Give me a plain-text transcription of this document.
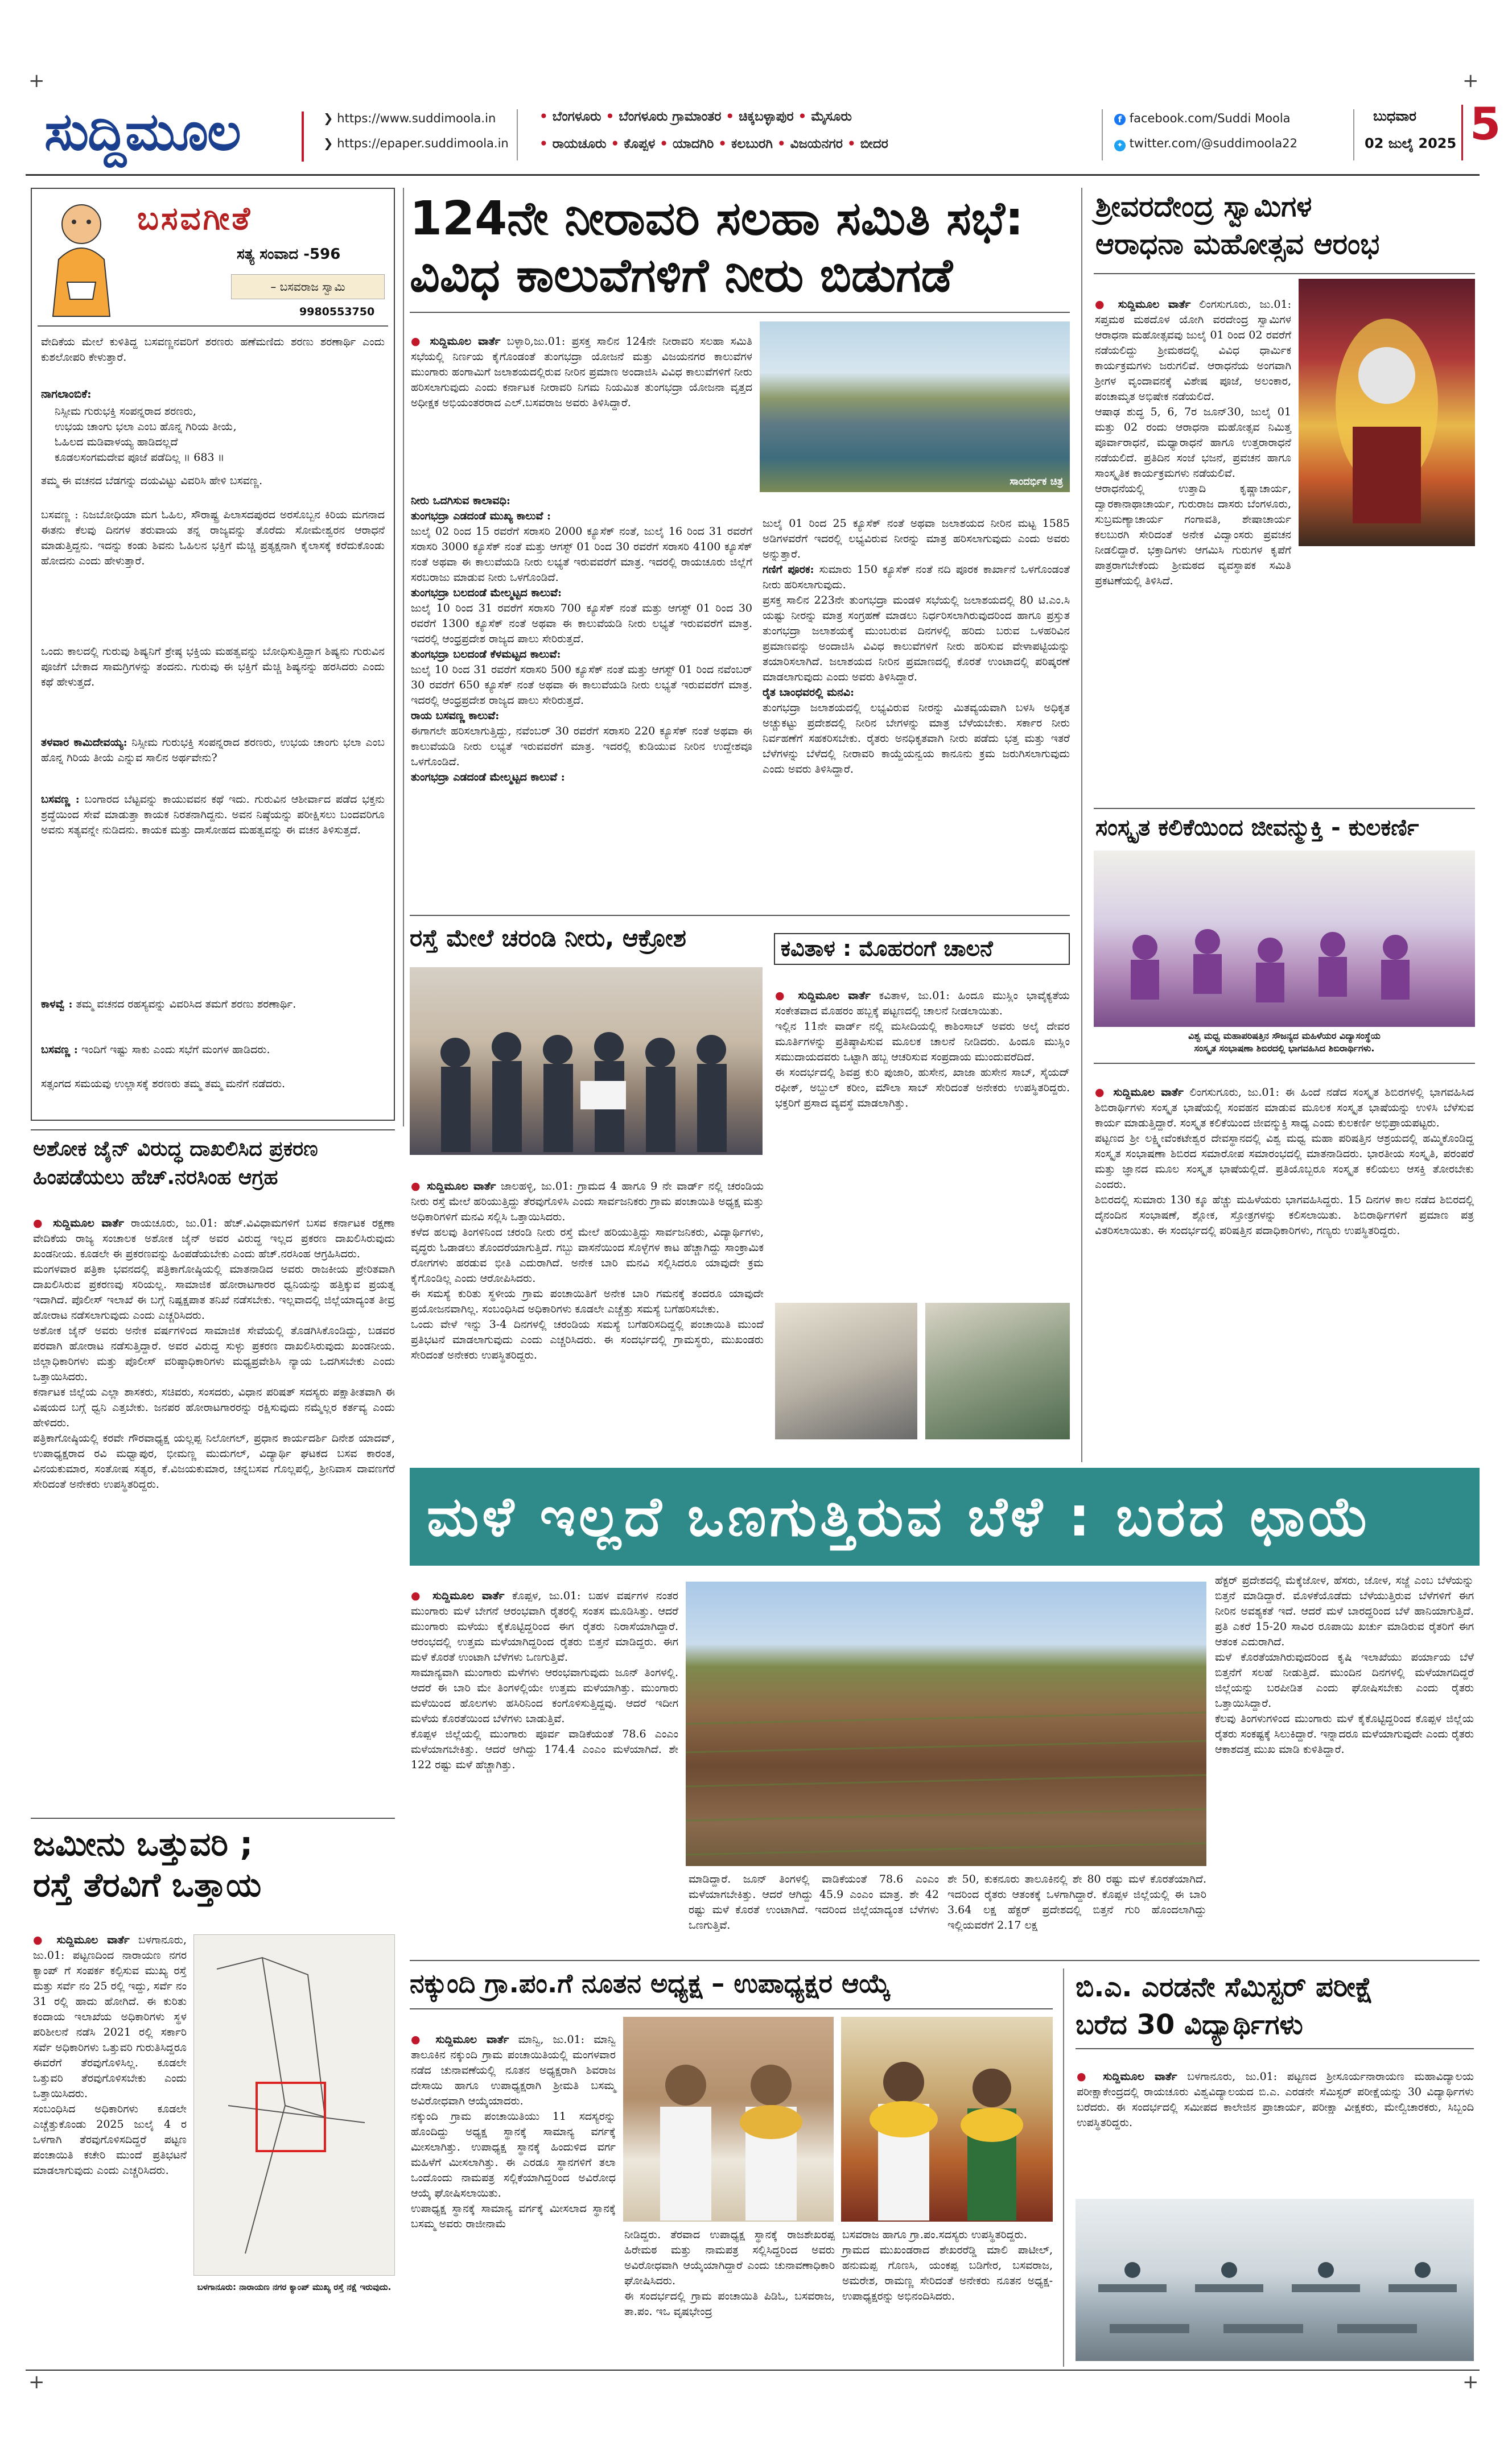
+	+
+	+
ಸುದ್ದಿಮೂಲ	❯ https://www.suddimoola.in
❯ https://epaper.suddimoola.in
• ಬೆಂಗಳೂರು • ಬೆಂಗಳೂರು ಗ್ರಾಮಾಂತರ • ಚಿಕ್ಕಬಳ್ಳಾಪುರ • ಮೈಸೂರು
• ರಾಯಚೂರು • ಕೊಪ್ಪಳ • ಯಾದಗಿರಿ • ಕಲಬುರಗಿ • ವಿಜಯನಗರ • ಬೀದರ
f facebook.com/Suddi Moola
✦ twitter.com/@suddimoola22
ಬುಧವಾರ
02 ಜುಲೈ 2025 5
ಬಸವಗೀತೆ
ಸತ್ಯ ಸಂವಾದ -596
– ಬಸವರಾಜ ಸ್ವಾಮಿ
9980553750
ವೇದಿಕೆಯ ಮೇಲೆ ಕುಳಿತಿದ್ದ ಬಸವಣ್ಣನವರಿಗೆ ಶರಣರು ಹಣೆಮಣಿದು ಶರಣು ಶರಣಾರ್ಥಿ ಎಂದು ಕುಶಲೋಪರಿ ಕೇಳುತ್ತಾರೆ.
ನಾಗಲಾಂಬಿಕೆ:
ನಿಸ್ಸೀಮ ಗುರುಭಕ್ತಿ ಸಂಪನ್ನರಾದ ಶರಣರು,
ಉಭಯ ಚಾಂಗು ಭಲಾ ಎಂಬ ಹೊನ್ನ ಗಿರಿಯ ತೀಯೆ,
ಓಹಿಲದ ಮಡಿವಾಳಯ್ಯ ಹಾಡಿದಲ್ಲದೆ
ಕೂಡಲಸಂಗಮದೇವ ಪೂಜೆ ಪಡೆದಿಲ್ಲ ॥ 683 ॥
ತಮ್ಮ ಈ ವಚನದ ಬೆಡಗನ್ನು ದಯವಿಟ್ಟು ವಿವರಿಸಿ ಹೇಳಿ ಬಸವಣ್ಣ.
ಬಸವಣ್ಣ : ನಿಜಬೋಧಿಯಾ ಮಗ ಓಹಿಲ, ಸೌರಾಷ್ಟ್ರ ಪಿಲಾಸದಪುರದ ಅರಸೊಬ್ಬನ ಕಿರಿಯ ಮಗನಾದ ಈತನು ಕೆಲವು ದಿನಗಳ ತರುವಾಯ ತನ್ನ ರಾಜ್ಯವನ್ನು ತೊರೆದು ಸೋಮೇಶ್ವರನ ಆರಾಧನೆ ಮಾಡುತ್ತಿದ್ದನು. ಇದನ್ನು ಕಂಡು ಶಿವನು ಓಹಿಲನ ಭಕ್ತಿಗೆ ಮೆಚ್ಚಿ ಪ್ರತ್ಯಕ್ಷನಾಗಿ ಕೈಲಾಸಕ್ಕೆ ಕರೆದುಕೊಂಡು ಹೋದನು ಎಂದು ಹೇಳುತ್ತಾರೆ.
ಒಂದು ಕಾಲದಲ್ಲಿ ಗುರುವು ಶಿಷ್ಯನಿಗೆ ಶ್ರೇಷ್ಠ ಭಕ್ತಿಯ ಮಹತ್ವವನ್ನು ಬೋಧಿಸುತ್ತಿದ್ದಾಗ ಶಿಷ್ಯನು ಗುರುವಿನ ಪೂಜೆಗೆ ಬೇಕಾದ ಸಾಮಗ್ರಿಗಳನ್ನು ತಂದನು. ಗುರುವು ಈ ಭಕ್ತಿಗೆ ಮೆಚ್ಚಿ ಶಿಷ್ಯನನ್ನು ಹರಸಿದರು ಎಂದು ಕಥೆ ಹೇಳುತ್ತದೆ.
ತಳವಾರ ಕಾಮಿದೇವಯ್ಯ: ನಿಸ್ಸೀಮ ಗುರುಭಕ್ತಿ ಸಂಪನ್ನರಾದ ಶರಣರು, ಉಭಯ ಚಾಂಗು ಭಲಾ ಎಂಬ ಹೊನ್ನ ಗಿರಿಯ ತೀಯೆ ಎನ್ನುವ ಸಾಲಿನ ಅರ್ಥವೇನು?
ಬಸವಣ್ಣ : ಬಂಗಾರದ ಬೆಟ್ಟವನ್ನು ಕಾಯುವವನ ಕಥೆ ಇದು. ಗುರುವಿನ ಆಶೀರ್ವಾದ ಪಡೆದ ಭಕ್ತನು ಶ್ರದ್ಧೆಯಿಂದ ಸೇವೆ ಮಾಡುತ್ತಾ ಕಾಯಕ ನಿರತನಾಗಿದ್ದನು. ಅವನ ನಿಷ್ಠೆಯನ್ನು ಪರೀಕ್ಷಿಸಲು ಬಂದವರಿಗೂ ಅವನು ಸತ್ಯವನ್ನೇ ನುಡಿದನು. ಕಾಯಕ ಮತ್ತು ದಾಸೋಹದ ಮಹತ್ವವನ್ನು ಈ ವಚನ ತಿಳಿಸುತ್ತದೆ.
ಕಾಳವ್ವೆ : ತಮ್ಮ ವಚನದ ರಹಸ್ಯವನ್ನು ವಿವರಿಸಿದ ತಮಗೆ ಶರಣು ಶರಣಾರ್ಥಿ.
ಬಸವಣ್ಣ : ಇಂದಿಗೆ ಇಷ್ಟು ಸಾಕು ಎಂದು ಸಭೆಗೆ ಮಂಗಳ ಹಾಡಿದರು.
ಸತ್ಸಂಗದ ಸಮಯವು ಉಲ್ಲಾಸಕ್ಕೆ ಶರಣರು ತಮ್ಮ ತಮ್ಮ ಮನೆಗೆ ನಡೆದರು.
124ನೇ ನೀರಾವರಿ ಸಲಹಾ ಸಮಿತಿ ಸಭೆ:
ವಿವಿಧ ಕಾಲುವೆಗಳಿಗೆ ನೀರು ಬಿಡುಗಡೆ

● ಸುದ್ದಿಮೂಲ ವಾರ್ತೆ ಬಳ್ಳಾರಿ,ಜು.01: ಪ್ರಸಕ್ತ ಸಾಲಿನ 124ನೇ ನೀರಾವರಿ ಸಲಹಾ ಸಮಿತಿ ಸಭೆಯಲ್ಲಿ ನಿರ್ಣಯ ಕೈಗೊಂಡಂತೆ ತುಂಗಭದ್ರಾ ಯೋಜನೆ ಮತ್ತು ವಿಜಯನಗರ ಕಾಲುವೆಗಳ ಮುಂಗಾರು ಹಂಗಾಮಿಗೆ ಜಲಾಶಯದಲ್ಲಿರುವ ನೀರಿನ ಪ್ರಮಾಣ ಅಂದಾಜಿಸಿ ವಿವಿಧ ಕಾಲುವೆಗಳಿಗೆ ನೀರು ಹರಿಸಲಾಗುವುದು ಎಂದು ಕರ್ನಾಟಕ ನೀರಾವರಿ ನಿಗಮ ನಿಯಮಿತ ತುಂಗಭದ್ರಾ ಯೋಜನಾ ವೃತ್ತದ ಅಧೀಕ್ಷಕ ಅಭಿಯಂತರರಾದ ಎಲ್.ಬಸವರಾಜ ಅವರು ತಿಳಿಸಿದ್ದಾರೆ.

ಸಾಂದರ್ಭಿಕ ಚಿತ್ರ

ನೀರು ಒದಗಿಸುವ ಕಾಲಾವಧಿ:
ತುಂಗಭದ್ರಾ ಎಡದಂಡೆ ಮುಖ್ಯ ಕಾಲುವೆ :
ಜುಲೈ 02 ರಿಂದ 15 ರವರೆಗೆ ಸರಾಸರಿ 2000 ಕ್ಯೂಸೆಕ್ ನಂತೆ, ಜುಲೈ 16 ರಿಂದ 31 ರವರೆಗೆ ಸರಾಸರಿ 3000 ಕ್ಯೂಸೆಕ್ ನಂತೆ ಮತ್ತು ಆಗಸ್ಟ್ 01 ರಿಂದ 30 ರವರೆಗೆ ಸರಾಸರಿ 4100 ಕ್ಯೂಸೆಕ್ ನಂತೆ ಅಥವಾ ಈ ಕಾಲುವೆಯಡಿ ನೀರು ಲಭ್ಯತೆ ಇರುವವರೆಗೆ ಮಾತ್ರ. ಇದರಲ್ಲಿ ರಾಯಚೂರು ಜಿಲ್ಲೆಗೆ ಸರಬರಾಜು ಮಾಡುವ ನೀರು ಒಳಗೊಂಡಿದೆ.
ತುಂಗಭದ್ರಾ ಬಲದಂಡೆ ಮೇಲ್ಮಟ್ಟದ ಕಾಲುವೆ:
ಜುಲೈ 10 ರಿಂದ 31 ರವರೆಗೆ ಸರಾಸರಿ 700 ಕ್ಯೂಸೆಕ್ ನಂತೆ ಮತ್ತು ಆಗಸ್ಟ್ 01 ರಿಂದ 30 ರವರೆಗೆ 1300 ಕ್ಯೂಸೆಕ್ ನಂತೆ ಅಥವಾ ಈ ಕಾಲುವೆಯಡಿ ನೀರು ಲಭ್ಯತೆ ಇರುವವರೆಗೆ ಮಾತ್ರ. ಇದರಲ್ಲಿ ಆಂಧ್ರಪ್ರದೇಶ ರಾಜ್ಯದ ಪಾಲು ಸೇರಿರುತ್ತದೆ.
ತುಂಗಭದ್ರಾ ಬಲದಂಡೆ ಕೆಳಮಟ್ಟದ ಕಾಲುವೆ:
ಜುಲೈ 10 ರಿಂದ 31 ರವರೆಗೆ ಸರಾಸರಿ 500 ಕ್ಯೂಸೆಕ್ ನಂತೆ ಮತ್ತು ಆಗಸ್ಟ್ 01 ರಿಂದ ನವೆಂಬರ್ 30 ರವರೆಗೆ 650 ಕ್ಯೂಸೆಕ್ ನಂತೆ ಅಥವಾ ಈ ಕಾಲುವೆಯಡಿ ನೀರು ಲಭ್ಯತೆ ಇರುವವರೆಗೆ ಮಾತ್ರ. ಇದರಲ್ಲಿ ಆಂಧ್ರಪ್ರದೇಶ ರಾಜ್ಯದ ಪಾಲು ಸೇರಿರುತ್ತದೆ.
ರಾಯ ಬಸವಣ್ಣ ಕಾಲುವೆ:
ಈಗಾಗಲೇ ಹರಿಸಲಾಗುತ್ತಿದ್ದು, ನವೆಂಬರ್ 30 ರವರೆಗೆ ಸರಾಸರಿ 220 ಕ್ಯೂಸೆಕ್ ನಂತೆ ಅಥವಾ ಈ ಕಾಲುವೆಯಡಿ ನೀರು ಲಭ್ಯತೆ ಇರುವವರೆಗೆ ಮಾತ್ರ. ಇದರಲ್ಲಿ ಕುಡಿಯುವ ನೀರಿನ ಉದ್ದೇಶವೂ ಒಳಗೊಂಡಿದೆ.
ತುಂಗಭದ್ರಾ ಎಡದಂಡೆ ಮೇಲ್ಮಟ್ಟದ ಕಾಲುವೆ :

ಜುಲೈ 01 ರಿಂದ 25 ಕ್ಯೂಸೆಕ್ ನಂತೆ ಅಥವಾ ಜಲಾಶಯದ ನೀರಿನ ಮಟ್ಟ 1585 ಅಡಿಗಳವರೆಗೆ ಇದರಲ್ಲಿ ಲಭ್ಯವಿರುವ ನೀರನ್ನು ಮಾತ್ರ ಹರಿಸಲಾಗುವುದು ಎಂದು ಅವರು ಅನ್ನುತ್ತಾರೆ.
ಗಣಿಗೆ ಪೂರಕ: ಸುಮಾರು 150 ಕ್ಯೂಸೆಕ್ ನಂತೆ ನದಿ ಪೂರಕ ಕಾರ್ಖಾನೆ ಒಳಗೊಂಡಂತೆ ನೀರು ಹರಿಸಲಾಗುವುದು.
ಪ್ರಸಕ್ತ ಸಾಲಿನ 223ನೇ ತುಂಗಭದ್ರಾ ಮಂಡಳಿ ಸಭೆಯಲ್ಲಿ ಜಲಾಶಯದಲ್ಲಿ 80 ಟಿ.ಎಂ.ಸಿ ಯಷ್ಟು ನೀರನ್ನು ಮಾತ್ರ ಸಂಗ್ರಹಣೆ ಮಾಡಲು ನಿರ್ಧರಿಸಲಾಗಿರುವುದರಿಂದ ಹಾಗೂ ಪ್ರಸ್ತುತ ತುಂಗಭದ್ರಾ ಜಲಾಶಯಕ್ಕೆ ಮುಂಬರುವ ದಿನಗಳಲ್ಲಿ ಹರಿದು ಬರುವ ಒಳಹರಿವಿನ ಪ್ರಮಾಣವನ್ನು ಅಂದಾಜಿಸಿ ವಿವಿಧ ಕಾಲುವೆಗಳಿಗೆ ನೀರು ಹರಿಸುವ ವೇಳಾಪಟ್ಟಿಯನ್ನು ತಯಾರಿಸಲಾಗಿದೆ. ಜಲಾಶಯದ ನೀರಿನ ಪ್ರಮಾಣದಲ್ಲಿ ಕೊರತೆ ಉಂಟಾದಲ್ಲಿ ಪರಿಷ್ಕರಣೆ ಮಾಡಲಾಗುವುದು ಎಂದು ಅವರು ತಿಳಿಸಿದ್ದಾರೆ.
ರೈತ ಬಾಂಧವರಲ್ಲಿ ಮನವಿ:
ತುಂಗಭದ್ರಾ ಜಲಾಶಯದಲ್ಲಿ ಲಭ್ಯವಿರುವ ನೀರನ್ನು ಮಿತವ್ಯಯವಾಗಿ ಬಳಸಿ ಅಧಿಕೃತ ಅಚ್ಚುಕಟ್ಟು ಪ್ರದೇಶದಲ್ಲಿ ನೀರಿನ ಬೇಗಳನ್ನು ಮಾತ್ರ ಬೆಳೆಯಬೇಕು. ಸರ್ಕಾರ ನೀರು ನಿರ್ವಹಣೆಗೆ ಸಹಕರಿಸಬೇಕು. ರೈತರು ಅನಧಿಕೃತವಾಗಿ ನೀರು ಪಡೆದು ಭತ್ತ ಮತ್ತು ಇತರೆ ಬೆಳೆಗಳನ್ನು ಬೆಳೆದಲ್ಲಿ ನೀರಾವರಿ ಕಾಯ್ದೆಯನ್ವಯ ಕಾನೂನು ಕ್ರಮ ಜರುಗಿಸಲಾಗುವುದು ಎಂದು ಅವರು ತಿಳಿಸಿದ್ದಾರೆ.

ರಸ್ತೆ ಮೇಲೆ ಚರಂಡಿ ನೀರು, ಆಕ್ರೋಶ

● ಸುದ್ದಿಮೂಲ ವಾರ್ತೆ ಜಾಲಹಳ್ಳಿ, ಜು.01: ಗ್ರಾಮದ 4 ಹಾಗೂ 9 ನೇ ವಾರ್ಡ್ ನಲ್ಲಿ ಚರಂಡಿಯ ನೀರು ರಸ್ತೆ ಮೇಲೆ ಹರಿಯುತ್ತಿದ್ದು ತೆರವುಗೊಳಿಸಿ ಎಂದು ಸಾರ್ವಜನಿಕರು ಗ್ರಾಮ ಪಂಚಾಯಿತಿ ಅಧ್ಯಕ್ಷ ಮತ್ತು ಅಧಿಕಾರಿಗಳಿಗೆ ಮನವಿ ಸಲ್ಲಿಸಿ ಒತ್ತಾಯಿಸಿದರು.
ಕಳೆದ ಹಲವು ತಿಂಗಳಿನಿಂದ ಚರಂಡಿ ನೀರು ರಸ್ತೆ ಮೇಲೆ ಹರಿಯುತ್ತಿದ್ದು ಸಾರ್ವಜನಿಕರು, ವಿದ್ಯಾರ್ಥಿಗಳು, ವೃದ್ಧರು ಓಡಾಡಲು ತೊಂದರೆಯಾಗುತ್ತಿದೆ. ಗಬ್ಬು ವಾಸನೆಯಿಂದ ಸೊಳ್ಳೆಗಳ ಕಾಟ ಹೆಚ್ಚಾಗಿದ್ದು ಸಾಂಕ್ರಾಮಿಕ ರೋಗಗಳು ಹರಡುವ ಭೀತಿ ಎದುರಾಗಿದೆ. ಅನೇಕ ಬಾರಿ ಮನವಿ ಸಲ್ಲಿಸಿದರೂ ಯಾವುದೇ ಕ್ರಮ ಕೈಗೊಂಡಿಲ್ಲ ಎಂದು ಆರೋಪಿಸಿದರು.
ಈ ಸಮಸ್ಯೆ ಕುರಿತು ಸ್ಥಳೀಯ ಗ್ರಾಮ ಪಂಚಾಯಿತಿಗೆ ಅನೇಕ ಬಾರಿ ಗಮನಕ್ಕೆ ತಂದರೂ ಯಾವುದೇ ಪ್ರಯೋಜನವಾಗಿಲ್ಲ. ಸಂಬಂಧಿಸಿದ ಅಧಿಕಾರಿಗಳು ಕೂಡಲೇ ಎಚ್ಚೆತ್ತು ಸಮಸ್ಯೆ ಬಗೆಹರಿಸಬೇಕು.
ಒಂದು ವೇಳೆ ಇನ್ನು 3-4 ದಿನಗಳಲ್ಲಿ ಚರಂಡಿಯ ಸಮಸ್ಯೆ ಬಗೆಹರಿಸದಿದ್ದಲ್ಲಿ ಪಂಚಾಯಿತಿ ಮುಂದೆ ಪ್ರತಿಭಟನೆ ಮಾಡಲಾಗುವುದು ಎಂದು ಎಚ್ಚರಿಸಿದರು. ಈ ಸಂದರ್ಭದಲ್ಲಿ ಗ್ರಾಮಸ್ಥರು, ಮುಖಂಡರು ಸೇರಿದಂತೆ ಅನೇಕರು ಉಪಸ್ಥಿತರಿದ್ದರು.

ಕವಿತಾಳ : ಮೊಹರಂಗೆ ಚಾಲನೆ

● ಸುದ್ದಿಮೂಲ ವಾರ್ತೆ ಕವಿತಾಳ, ಜು.01: ಹಿಂದೂ ಮುಸ್ಲಿಂ ಭಾವೈಕ್ಯತೆಯ ಸಂಕೇತವಾದ ಮೊಹರಂ ಹಬ್ಬಕ್ಕೆ ಪಟ್ಟಣದಲ್ಲಿ ಚಾಲನೆ ನೀಡಲಾಯಿತು.
ಇಲ್ಲಿನ 11ನೇ ವಾರ್ಡ್ ನಲ್ಲಿ ಮಸೀದಿಯಲ್ಲಿ ಕಾಶಿಂಸಾಬ್ ಅವರು ಅಲೈ ದೇವರ ಮೂರ್ತಿಗಳನ್ನು ಪ್ರತಿಷ್ಠಾಪಿಸುವ ಮೂಲಕ ಚಾಲನೆ ನೀಡಿದರು. ಹಿಂದೂ ಮುಸ್ಲಿಂ ಸಮುದಾಯದವರು ಒಟ್ಟಾಗಿ ಹಬ್ಬ ಆಚರಿಸುವ ಸಂಪ್ರದಾಯ ಮುಂದುವರೆದಿದೆ.
ಈ ಸಂದರ್ಭದಲ್ಲಿ ಶಿವಪ್ರ ಕುರಿ ಪುಜಾರಿ, ಹುಸೇನ, ಖಾಜಾ ಹುಸೇನ ಸಾಬ್, ಸೈಯದ್ ರಫೀಕ್, ಅಬ್ದುಲ್ ಕರೀಂ, ಮೌಲಾ ಸಾಬ್ ಸೇರಿದಂತೆ ಅನೇಕರು ಉಪಸ್ಥಿತರಿದ್ದರು. ಭಕ್ತರಿಗೆ ಪ್ರಸಾದ ವ್ಯವಸ್ಥೆ ಮಾಡಲಾಗಿತ್ತು.

ಶ್ರೀವರದೇಂದ್ರ ಸ್ವಾಮಿಗಳ
ಆರಾಧನಾ ಮಹೋತ್ಸವ ಆರಂಭ

● ಸುದ್ದಿಮೂಲ ವಾರ್ತೆ ಲಿಂಗಸುಗೂರು, ಜು.01: ಸಪ್ತಮಠ ಮಠದೊಳ ಯೋಗಿ ವರದೇಂದ್ರ ಸ್ವಾಮಿಗಳ ಆರಾಧನಾ ಮಹೋತ್ಸವವು ಜುಲೈ 01 ರಿಂದ 02 ರವರೆಗೆ ನಡೆಯಲಿದ್ದು ಶ್ರೀಮಠದಲ್ಲಿ ವಿವಿಧ ಧಾರ್ಮಿಕ ಕಾರ್ಯಕ್ರಮಗಳು ಜರುಗಲಿವೆ. ಆರಾಧನೆಯ ಅಂಗವಾಗಿ ಶ್ರೀಗಳ ವೃಂದಾವನಕ್ಕೆ ವಿಶೇಷ ಪೂಜೆ, ಅಲಂಕಾರ, ಪಂಚಾಮೃತ ಅಭಿಷೇಕ ನಡೆಯಲಿದೆ.
ಆಷಾಢ ಶುದ್ಧ 5, 6, 7ರ ಜೂನ್30, ಜುಲೈ 01 ಮತ್ತು 02 ರಂದು ಆರಾಧನಾ ಮಹೋತ್ಸವ ನಿಮಿತ್ತ ಪೂರ್ವಾರಾಧನೆ, ಮಧ್ಯಾರಾಧನೆ ಹಾಗೂ ಉತ್ತರಾರಾಧನೆ ನಡೆಯಲಿದೆ. ಪ್ರತಿದಿನ ಸಂಜೆ ಭಜನೆ, ಪ್ರವಚನ ಹಾಗೂ ಸಾಂಸ್ಕೃತಿಕ ಕಾರ್ಯಕ್ರಮಗಳು ನಡೆಯಲಿವೆ.
ಆರಾಧನೆಯಲ್ಲಿ ಉತ್ತಾದಿ ಕೃಷ್ಣಾಚಾರ್ಯ, ದ್ವಾರಕಾನಾಥಾಚಾರ್ಯ, ಗುರುರಾಜ ದಾಸರು ಬೆಂಗಳೂರು, ಸುಬ್ರಮಣ್ಯಾಚಾರ್ಯ ಗಂಗಾವತಿ, ಶೇಷಾಚಾರ್ಯ ಕಲಬುರಗಿ ಸೇರಿದಂತೆ ಅನೇಕ ವಿದ್ವಾಂಸರು ಪ್ರವಚನ ನೀಡಲಿದ್ದಾರೆ. ಭಕ್ತಾದಿಗಳು ಆಗಮಿಸಿ ಗುರುಗಳ ಕೃಪೆಗೆ ಪಾತ್ರರಾಗಬೇಕೆಂದು ಶ್ರೀಮಠದ ವ್ಯವಸ್ಥಾಪಕ ಸಮಿತಿ ಪ್ರಕಟಣೆಯಲ್ಲಿ ತಿಳಿಸಿದೆ.

ಸಂಸ್ಕೃತ ಕಲಿಕೆಯಿಂದ ಜೀವನ್ಮುಕ್ತಿ - ಕುಲಕರ್ಣಿ
ವಿಶ್ವ ಮಧ್ವ ಮಹಾಪರಿಷತ್ತಿನ ಸೌಜನ್ಯದ ಮಹಿಳೆಯರ ವಿದ್ಯಾಸಂಸ್ಥೆಯ
ಸಂಸ್ಕೃತ ಸಂಭಾಷಣಾ ಶಿಬಿರದಲ್ಲಿ ಭಾಗವಹಿಸಿದ ಶಿಬಿರಾರ್ಥಿಗಳು.

● ಸುದ್ದಿಮೂಲ ವಾರ್ತೆ ಲಿಂಗಸುಗೂರು, ಜು.01: ಈ ಹಿಂದೆ ನಡೆದ ಸಂಸ್ಕೃತ ಶಿಬಿರಗಳಲ್ಲಿ ಭಾಗವಹಿಸಿದ ಶಿಬಿರಾರ್ಥಿಗಳು ಸಂಸ್ಕೃತ ಭಾಷೆಯಲ್ಲಿ ಸಂವಹನ ಮಾಡುವ ಮೂಲಕ ಸಂಸ್ಕೃತ ಭಾಷೆಯನ್ನು ಉಳಿಸಿ ಬೆಳೆಸುವ ಕಾರ್ಯ ಮಾಡುತ್ತಿದ್ದಾರೆ. ಸಂಸ್ಕೃತ ಕಲಿಕೆಯಿಂದ ಜೀವನ್ಮುಕ್ತಿ ಸಾಧ್ಯ ಎಂದು ಕುಲಕರ್ಣಿ ಅಭಿಪ್ರಾಯಪಟ್ಟರು.
ಪಟ್ಟಣದ ಶ್ರೀ ಲಕ್ಷ್ಮೀವೆಂಕಟೇಶ್ವರ ದೇವಸ್ಥಾನದಲ್ಲಿ ವಿಶ್ವ ಮಧ್ವ ಮಹಾ ಪರಿಷತ್ತಿನ ಆಶ್ರಯದಲ್ಲಿ ಹಮ್ಮಿಕೊಂಡಿದ್ದ ಸಂಸ್ಕೃತ ಸಂಭಾಷಣಾ ಶಿಬಿರದ ಸಮಾರೋಪ ಸಮಾರಂಭದಲ್ಲಿ ಮಾತನಾಡಿದರು. ಭಾರತೀಯ ಸಂಸ್ಕೃತಿ, ಪರಂಪರೆ ಮತ್ತು ಜ್ಞಾನದ ಮೂಲ ಸಂಸ್ಕೃತ ಭಾಷೆಯಲ್ಲಿದೆ. ಪ್ರತಿಯೊಬ್ಬರೂ ಸಂಸ್ಕೃತ ಕಲಿಯಲು ಆಸಕ್ತಿ ತೋರಬೇಕು ಎಂದರು.
ಶಿಬಿರದಲ್ಲಿ ಸುಮಾರು 130 ಕ್ಕೂ ಹೆಚ್ಚು ಮಹಿಳೆಯರು ಭಾಗವಹಿಸಿದ್ದರು. 15 ದಿನಗಳ ಕಾಲ ನಡೆದ ಶಿಬಿರದಲ್ಲಿ ದೈನಂದಿನ ಸಂಭಾಷಣೆ, ಶ್ಲೋಕ, ಸ್ತೋತ್ರಗಳನ್ನು ಕಲಿಸಲಾಯಿತು. ಶಿಬಿರಾರ್ಥಿಗಳಿಗೆ ಪ್ರಮಾಣ ಪತ್ರ ವಿತರಿಸಲಾಯಿತು. ಈ ಸಂದರ್ಭದಲ್ಲಿ ಪರಿಷತ್ತಿನ ಪದಾಧಿಕಾರಿಗಳು, ಗಣ್ಯರು ಉಪಸ್ಥಿತರಿದ್ದರು.

ಅಶೋಕ ಜೈನ್ ವಿರುದ್ಧ ದಾಖಲಿಸಿದ ಪ್ರಕರಣ
ಹಿಂಪಡೆಯಲು ಹೆಚ್.ನರಸಿಂಹ ಆಗ್ರಹ

● ಸುದ್ದಿಮೂಲ ವಾರ್ತೆ ರಾಯಚೂರು, ಜು.01: ಹೆಚ್.ವಿವಿಧಾಮಗಳಿಗೆ ಬಸವ ಕರ್ನಾಟಕ ರಕ್ಷಣಾ ವೇದಿಕೆಯ ರಾಜ್ಯ ಸಂಚಾಲಕ ಅಶೋಕ ಜೈನ್ ಅವರ ವಿರುದ್ಧ ಇಲ್ಲದ ಪ್ರಕರಣ ದಾಖಲಿಸಿರುವುದು ಖಂಡನೀಯ. ಕೂಡಲೇ ಈ ಪ್ರಕರಣವನ್ನು ಹಿಂಪಡೆಯಬೇಕು ಎಂದು ಹೆಚ್.ನರಸಿಂಹ ಆಗ್ರಹಿಸಿದರು.
ಮಂಗಳವಾರ ಪತ್ರಿಕಾ ಭವನದಲ್ಲಿ ಪತ್ರಿಕಾಗೋಷ್ಠಿಯಲ್ಲಿ ಮಾತನಾಡಿದ ಅವರು ರಾಜಕೀಯ ಪ್ರೇರಿತವಾಗಿ ದಾಖಲಿಸಿರುವ ಪ್ರಕರಣವು ಸರಿಯಲ್ಲ. ಸಾಮಾಜಿಕ ಹೋರಾಟಗಾರರ ಧ್ವನಿಯನ್ನು ಹತ್ತಿಕ್ಕುವ ಪ್ರಯತ್ನ ಇದಾಗಿದೆ. ಪೊಲೀಸ್ ಇಲಾಖೆ ಈ ಬಗ್ಗೆ ನಿಷ್ಪಕ್ಷಪಾತ ತನಿಖೆ ನಡೆಸಬೇಕು. ಇಲ್ಲವಾದಲ್ಲಿ ಜಿಲ್ಲೆಯಾದ್ಯಂತ ತೀವ್ರ ಹೋರಾಟ ನಡೆಸಲಾಗುವುದು ಎಂದು ಎಚ್ಚರಿಸಿದರು.
ಅಶೋಕ ಜೈನ್ ಅವರು ಅನೇಕ ವರ್ಷಗಳಿಂದ ಸಾಮಾಜಿಕ ಸೇವೆಯಲ್ಲಿ ತೊಡಗಿಸಿಕೊಂಡಿದ್ದು, ಬಡವರ ಪರವಾಗಿ ಹೋರಾಟ ನಡೆಸುತ್ತಿದ್ದಾರೆ. ಅವರ ವಿರುದ್ಧ ಸುಳ್ಳು ಪ್ರಕರಣ ದಾಖಲಿಸಿರುವುದು ಖಂಡನೀಯ. ಜಿಲ್ಲಾಧಿಕಾರಿಗಳು ಮತ್ತು ಪೊಲೀಸ್ ವರಿಷ್ಠಾಧಿಕಾರಿಗಳು ಮಧ್ಯಪ್ರವೇಶಿಸಿ ನ್ಯಾಯ ಒದಗಿಸಬೇಕು ಎಂದು ಒತ್ತಾಯಿಸಿದರು.
ಕರ್ನಾಟಕ ಜಿಲ್ಲೆಯ ಎಲ್ಲಾ ಶಾಸಕರು, ಸಚಿವರು, ಸಂಸದರು, ವಿಧಾನ ಪರಿಷತ್ ಸದಸ್ಯರು ಪಕ್ಷಾತೀತವಾಗಿ ಈ ವಿಷಯದ ಬಗ್ಗೆ ಧ್ವನಿ ಎತ್ತಬೇಕು. ಜನಪರ ಹೋರಾಟಗಾರರನ್ನು ರಕ್ಷಿಸುವುದು ನಮ್ಮೆಲ್ಲರ ಕರ್ತವ್ಯ ಎಂದು ಹೇಳಿದರು.
ಪತ್ರಿಕಾಗೋಷ್ಠಿಯಲ್ಲಿ ಕರವೇ ಗೌರವಾಧ್ಯಕ್ಷ ಯಲ್ಲಪ್ಪ ನಿಲೋಗಲ್, ಪ್ರಧಾನ ಕಾರ್ಯದರ್ಶಿ ದಿನೇಶ ಯಾದವ್, ಉಪಾಧ್ಯಕ್ಷರಾದ ರವಿ ಮಧ್ವಾಪುರ, ಭೀಮಣ್ಣ ಮುದುಗಲ್, ವಿದ್ಯಾರ್ಥಿ ಘಟಕದ ಬಸವ ಕಾರಂತ, ವಿನಯಕುಮಾರ, ಸಂತೋಷ ಸತ್ಯರ, ಕೆ.ವಿಜಯಕುಮಾರ, ಚನ್ನಬಸವ ಗೊಲ್ಲಪಲ್ಲಿ, ಶ್ರೀನಿವಾಸ ದಾವಣಗೆರೆ ಸೇರಿದಂತೆ ಅನೇಕರು ಉಪಸ್ಥಿತರಿದ್ದರು.

ಮಳೆ ಇಲ್ಲದೆ ಒಣಗುತ್ತಿರುವ ಬೆಳೆ : ಬರದ ಛಾಯೆ

● ಸುದ್ದಿಮೂಲ ವಾರ್ತೆ ಕೊಪ್ಪಳ, ಜು.01: ಬಹಳ ವರ್ಷಗಳ ನಂತರ ಮುಂಗಾರು ಮಳೆ ಬೇಗನೆ ಆರಂಭವಾಗಿ ರೈತರಲ್ಲಿ ಸಂತಸ ಮೂಡಿಸಿತ್ತು. ಆದರೆ ಮುಂಗಾರು ಮಳೆಯು ಕೈಕೊಟ್ಟಿದ್ದರಿಂದ ಈಗ ರೈತರು ನಿರಾಸೆಯಾಗಿದ್ದಾರೆ. ಆರಂಭದಲ್ಲಿ ಉತ್ತಮ ಮಳೆಯಾಗಿದ್ದರಿಂದ ರೈತರು ಬಿತ್ತನೆ ಮಾಡಿದ್ದರು. ಈಗ ಮಳೆ ಕೊರತೆ ಉಂಟಾಗಿ ಬೆಳೆಗಳು ಒಣಗುತ್ತಿವೆ.
ಸಾಮಾನ್ಯವಾಗಿ ಮುಂಗಾರು ಮಳೆಗಳು ಆರಂಭವಾಗುವುದು ಜೂನ್ ತಿಂಗಳಲ್ಲಿ. ಆದರೆ ಈ ಬಾರಿ ಮೇ ತಿಂಗಳಲ್ಲಿಯೇ ಉತ್ತಮ ಮಳೆಯಾಗಿತ್ತು. ಮುಂಗಾರು ಮಳೆಯಿಂದ ಹೊಲಗಳು ಹಸಿರಿನಿಂದ ಕಂಗೊಳಿಸುತ್ತಿದ್ದವು. ಆದರೆ ಇದೀಗ ಮಳೆಯ ಕೊರತೆಯಿಂದ ಬೆಳೆಗಳು ಬಾಡುತ್ತಿವೆ.
ಕೊಪ್ಪಳ ಜಿಲ್ಲೆಯಲ್ಲಿ ಮುಂಗಾರು ಪೂರ್ವ ವಾಡಿಕೆಯಂತೆ 78.6 ಎಂಎಂ ಮಳೆಯಾಗಬೇಕಿತ್ತು. ಆದರೆ ಆಗಿದ್ದು 174.4 ಎಂಎಂ ಮಳೆಯಾಗಿದೆ. ಶೇ 122 ರಷ್ಟು ಮಳೆ ಹೆಚ್ಚಾಗಿತ್ತು.

ಮಾಡಿದ್ದಾರೆ. ಜೂನ್ ತಿಂಗಳಲ್ಲಿ ವಾಡಿಕೆಯಂತೆ 78.6 ಎಂಎಂ ಮಳೆಯಾಗಬೇಕಿತ್ತು. ಆದರೆ ಆಗಿದ್ದು 45.9 ಎಂಎಂ ಮಾತ್ರ. ಶೇ 42 ರಷ್ಟು ಮಳೆ ಕೊರತೆ ಉಂಟಾಗಿದೆ. ಇದರಿಂದ ಜಿಲ್ಲೆಯಾದ್ಯಂತ ಬೆಳೆಗಳು ಒಣಗುತ್ತಿವೆ.
ಶೇ 50, ಕುಕನೂರು ತಾಲೂಕಿನಲ್ಲಿ ಶೇ 80 ರಷ್ಟು ಮಳೆ ಕೊರತೆಯಾಗಿದೆ. ಇದರಿಂದ ರೈತರು ಆತಂಕಕ್ಕೆ ಒಳಗಾಗಿದ್ದಾರೆ. ಕೊಪ್ಪಳ ಜಿಲ್ಲೆಯಲ್ಲಿ ಈ ಬಾರಿ 3.64 ಲಕ್ಷ ಹೆಕ್ಟರ್ ಪ್ರದೇಶದಲ್ಲಿ ಬಿತ್ತನೆ ಗುರಿ ಹೊಂದಲಾಗಿದ್ದು ಇಲ್ಲಿಯವರೆಗೆ 2.17 ಲಕ್ಷ
ಹೆಕ್ಟರ್ ಪ್ರದೇಶದಲ್ಲಿ ಮೆಕ್ಕೆಜೋಳ, ಹೆಸರು, ಜೋಳ, ಸಜ್ಜೆ ಎಂಬ ಬೆಳೆಯನ್ನು ಬಿತ್ತನೆ ಮಾಡಿದ್ದಾರೆ. ಮೊಳಕೆಯೊಡೆದು ಬೆಳೆಯುತ್ತಿರುವ ಬೆಳೆಗಳಿಗೆ ಈಗ ನೀರಿನ ಅವಶ್ಯಕತೆ ಇದೆ. ಆದರೆ ಮಳೆ ಬಾರದ್ದರಿಂದ ಬೆಳೆ ಹಾನಿಯಾಗುತ್ತಿದೆ. ಪ್ರತಿ ಎಕರೆ 15-20 ಸಾವಿರ ರೂಪಾಯಿ ಖರ್ಚು ಮಾಡಿರುವ ರೈತರಿಗೆ ಈಗ ಆತಂಕ ಎದುರಾಗಿದೆ.
ಮಳೆ ಕೊರತೆಯಾಗಿರುವುದರಿಂದ ಕೃಷಿ ಇಲಾಖೆಯು ಪರ್ಯಾಯ ಬೆಳೆ ಬಿತ್ತನೆಗೆ ಸಲಹೆ ನೀಡುತ್ತಿದೆ. ಮುಂದಿನ ದಿನಗಳಲ್ಲಿ ಮಳೆಯಾಗದಿದ್ದರೆ ಜಿಲ್ಲೆಯನ್ನು ಬರಪೀಡಿತ ಎಂದು ಘೋಷಿಸಬೇಕು ಎಂದು ರೈತರು ಒತ್ತಾಯಿಸಿದ್ದಾರೆ.
ಕೆಲವು ತಿಂಗಳುಗಳಿಂದ ಮುಂಗಾರು ಮಳೆ ಕೈಕೊಟ್ಟಿದ್ದರಿಂದ ಕೊಪ್ಪಳ ಜಿಲ್ಲೆಯ ರೈತರು ಸಂಕಷ್ಟಕ್ಕೆ ಸಿಲುಕಿದ್ದಾರೆ. ಇನ್ನಾದರೂ ಮಳೆಯಾಗುವುದೇ ಎಂದು ರೈತರು ಆಕಾಶದತ್ತ ಮುಖ ಮಾಡಿ ಕುಳಿತಿದ್ದಾರೆ.
ಜಮೀನು ಒತ್ತುವರಿ ;
ರಸ್ತೆ ತೆರವಿಗೆ ಒತ್ತಾಯ

● ಸುದ್ದಿಮೂಲ ವಾರ್ತೆ ಬಳಗಾನೂರು, ಜು.01: ಪಟ್ಟಣದಿಂದ ನಾರಾಯಣ ನಗರ ಕ್ಯಾಂಪ್ ಗೆ ಸಂಪರ್ಕ ಕಲ್ಪಿಸುವ ಮುಖ್ಯ ರಸ್ತೆ ಮತ್ತು ಸರ್ವೆ ನಂ 25 ರಲ್ಲಿ ಇದ್ದು, ಸರ್ವೆ ನಂ 31 ರಲ್ಲಿ ಹಾದು ಹೋಗಿದೆ. ಈ ಕುರಿತು ಕಂದಾಯ ಇಲಾಖೆಯ ಅಧಿಕಾರಿಗಳು ಸ್ಥಳ ಪರಿಶೀಲನೆ ನಡೆಸಿ 2021 ರಲ್ಲಿ ಸರ್ಕಾರಿ ಸರ್ವೆ ಅಧಿಕಾರಿಗಳು ಒತ್ತುವರಿ ಗುರುತಿಸಿದ್ದರೂ ಈವರೆಗೆ ತೆರವುಗೊಳಿಸಿಲ್ಲ. ಕೂಡಲೇ ಒತ್ತುವರಿ ತೆರವುಗೊಳಿಸಬೇಕು ಎಂದು ಒತ್ತಾಯಿಸಿದರು.
ಸಂಬಂಧಿಸಿದ ಅಧಿಕಾರಿಗಳು ಕೂಡಲೇ ಎಚ್ಚೆತ್ತುಕೊಂಡು 2025 ಜುಲೈ 4 ರ ಒಳಗಾಗಿ ತೆರವುಗೊಳಿಸದಿದ್ದರೆ ಪಟ್ಟಣ ಪಂಚಾಯಿತಿ ಕಚೇರಿ ಮುಂದೆ ಪ್ರತಿಭಟನೆ ಮಾಡಲಾಗುವುದು ಎಂದು ಎಚ್ಚರಿಸಿದರು.

ಬಳಗಾನೂರು: ನಾರಾಯಣ ನಗರ ಕ್ಯಾಂಪ್ ಮುಖ್ಯ ರಸ್ತೆ ನಕ್ಷೆ ಇರುವುದು.
ನಕ್ಕುಂದಿ ಗ್ರಾ.ಪಂ.ಗೆ ನೂತನ ಅಧ್ಯಕ್ಷ – ಉಪಾಧ್ಯಕ್ಷರ ಆಯ್ಕೆ

● ಸುದ್ದಿಮೂಲ ವಾರ್ತೆ ಮಾನ್ವಿ, ಜು.01: ಮಾನ್ವಿ ತಾಲೂಕಿನ ನಕ್ಕುಂದಿ ಗ್ರಾಮ ಪಂಚಾಯಿತಿಯಲ್ಲಿ ಮಂಗಳವಾರ ನಡೆದ ಚುನಾವಣೆಯಲ್ಲಿ ನೂತನ ಅಧ್ಯಕ್ಷರಾಗಿ ಶಿವರಾಜ ದೇಸಾಯಿ ಹಾಗೂ ಉಪಾಧ್ಯಕ್ಷರಾಗಿ ಶ್ರೀಮತಿ ಬಸಮ್ಮ ಅವಿರೋಧವಾಗಿ ಆಯ್ಕೆಯಾದರು.
ನಕ್ಕುಂದಿ ಗ್ರಾಮ ಪಂಚಾಯಿತಿಯು 11 ಸದಸ್ಯರನ್ನು ಹೊಂದಿದ್ದು ಅಧ್ಯಕ್ಷ ಸ್ಥಾನಕ್ಕೆ ಸಾಮಾನ್ಯ ವರ್ಗಕ್ಕೆ ಮೀಸಲಾಗಿತ್ತು. ಉಪಾಧ್ಯಕ್ಷ ಸ್ಥಾನಕ್ಕೆ ಹಿಂದುಳಿದ ವರ್ಗ ಮಹಿಳೆಗೆ ಮೀಸಲಾಗಿತ್ತು. ಈ ಎರಡೂ ಸ್ಥಾನಗಳಿಗೆ ತಲಾ ಒಂದೊಂದು ನಾಮಪತ್ರ ಸಲ್ಲಿಕೆಯಾಗಿದ್ದರಿಂದ ಅವಿರೋಧ ಆಯ್ಕೆ ಘೋಷಿಸಲಾಯಿತು.
ಉಪಾಧ್ಯಕ್ಷ ಸ್ಥಾನಕ್ಕೆ ಸಾಮಾನ್ಯ ವರ್ಗಕ್ಕೆ ಮೀಸಲಾದ ಸ್ಥಾನಕ್ಕೆ ಬಸಮ್ಮ ಅವರು ರಾಜೀನಾಮೆ

ನೀಡಿದ್ದರು. ತೆರವಾದ ಉಪಾಧ್ಯಕ್ಷ ಸ್ಥಾನಕ್ಕೆ ರಾಜಶೇಖರಪ್ಪ ಹಿರೇಮಠ ಮತ್ತು ನಾಮಪತ್ರ ಸಲ್ಲಿಸಿದ್ದರಿಂದ ಅವರು ಅವಿರೋಧವಾಗಿ ಆಯ್ಕೆಯಾಗಿದ್ದಾರೆ ಎಂದು ಚುನಾವಣಾಧಿಕಾರಿ ಘೋಷಿಸಿದರು.
ಈ ಸಂದರ್ಭದಲ್ಲಿ ಗ್ರಾಮ ಪಂಚಾಯಿತಿ ಪಿಡಿಓ, ಬಸವರಾಜ, ತಾ.ಪಂ. ಇಒ ವೃಷಭೇಂದ್ರ
ಬಸವರಾಜ ಹಾಗೂ ಗ್ರಾ.ಪಂ.ಸದಸ್ಯರು ಉಪಸ್ಥಿತರಿದ್ದರು.
ಗ್ರಾಮದ ಮುಖಂಡರಾದ ಶೇಖರರೆಡ್ಡಿ ಮಾಲಿ ಪಾಟೀಲ್, ಹನುಮಪ್ಪ ಗೊಣಸಿ, ಯಂಕಪ್ಪ ಬಡಿಗೇರ, ಬಸವರಾಜ, ಅಮರೇಶ, ರಾಮಣ್ಣ ಸೇರಿದಂತೆ ಅನೇಕರು ನೂತನ ಅಧ್ಯಕ್ಷ-ಉಪಾಧ್ಯಕ್ಷರನ್ನು ಅಭಿನಂದಿಸಿದರು.
ಬಿ.ಎ. ಎರಡನೇ ಸೆಮಿಸ್ಟರ್ ಪರೀಕ್ಷೆ
ಬರೆದ 30 ವಿದ್ಯಾರ್ಥಿಗಳು

● ಸುದ್ದಿಮೂಲ ವಾರ್ತೆ ಬಳಗಾನೂರು, ಜು.01: ಪಟ್ಟಣದ ಶ್ರೀಸೂರ್ಯನಾರಾಯಣ ಮಹಾವಿದ್ಯಾಲಯ ಪರೀಕ್ಷಾಕೇಂದ್ರದಲ್ಲಿ ರಾಯಚೂರು ವಿಶ್ವವಿದ್ಯಾಲಯದ ಬಿ.ಎ. ಎರಡನೇ ಸೆಮಿಸ್ಟರ್ ಪರೀಕ್ಷೆಯನ್ನು 30 ವಿದ್ಯಾರ್ಥಿಗಳು ಬರೆದರು. ಈ ಸಂದರ್ಭದಲ್ಲಿ ಸಮೀಪದ ಕಾಲೇಜಿನ ಪ್ರಾಚಾರ್ಯ, ಪರೀಕ್ಷಾ ವೀಕ್ಷಕರು, ಮೇಲ್ವಿಚಾರಕರು, ಸಿಬ್ಬಂದಿ ಉಪಸ್ಥಿತರಿದ್ದರು.
